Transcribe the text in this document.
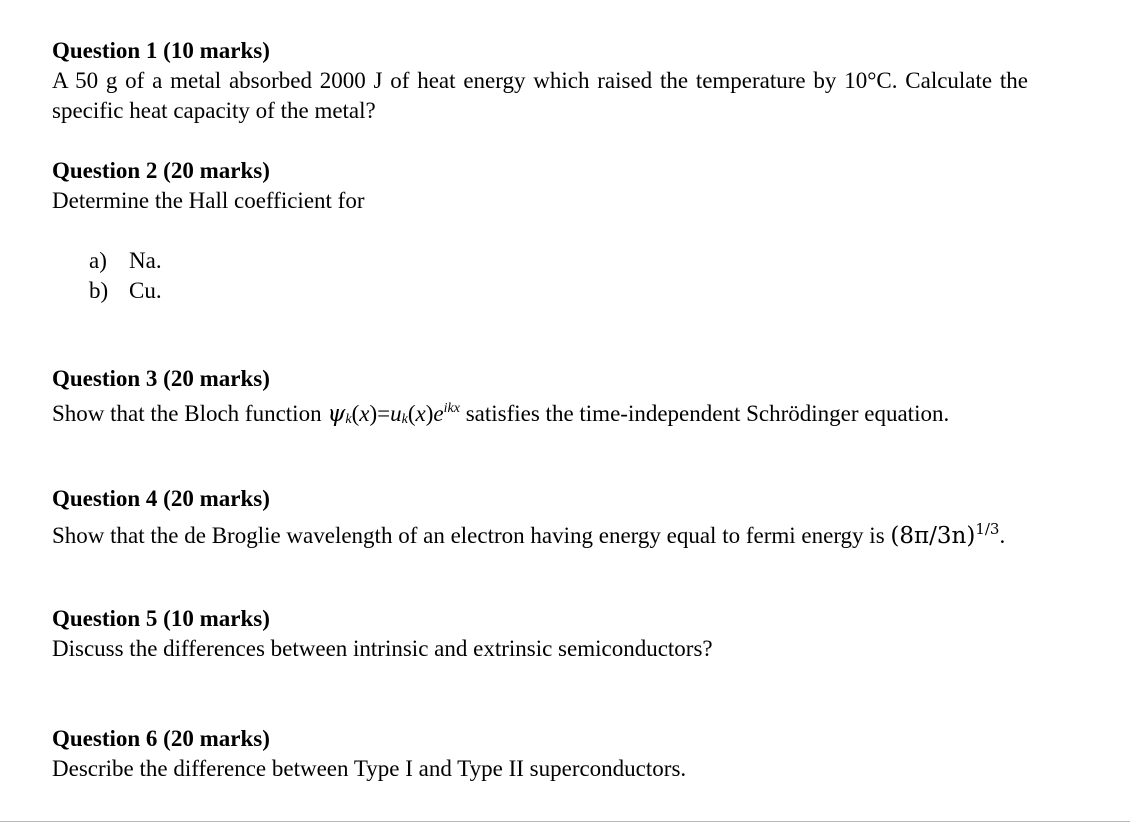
Question 1 (10 marks)
A 50 g of a metal absorbed 2000 J of heat energy which raised the temperature by 10°C. Calculate the specific heat capacity of the metal?
Question 2 (20 marks)
Determine the Hall coefficient for
a) Na.
b) Cu.
Question 3 (20 marks)
Show that the Bloch function $\psi k(x)=uk(x)e^{ikx}$ satisfies the time-independent Schrödinger equation.
Question 4 (20 marks)
Show that the de Broglie wavelength of an electron having energy equal to fermi energy is $(8\pi/3n)^{1/3}$.
Question 5 (10 marks)
Discuss the differences between intrinsic and extrinsic semiconductors?
Question 6 (20 marks)
Describe the difference between Type I and Type II superconductors.
